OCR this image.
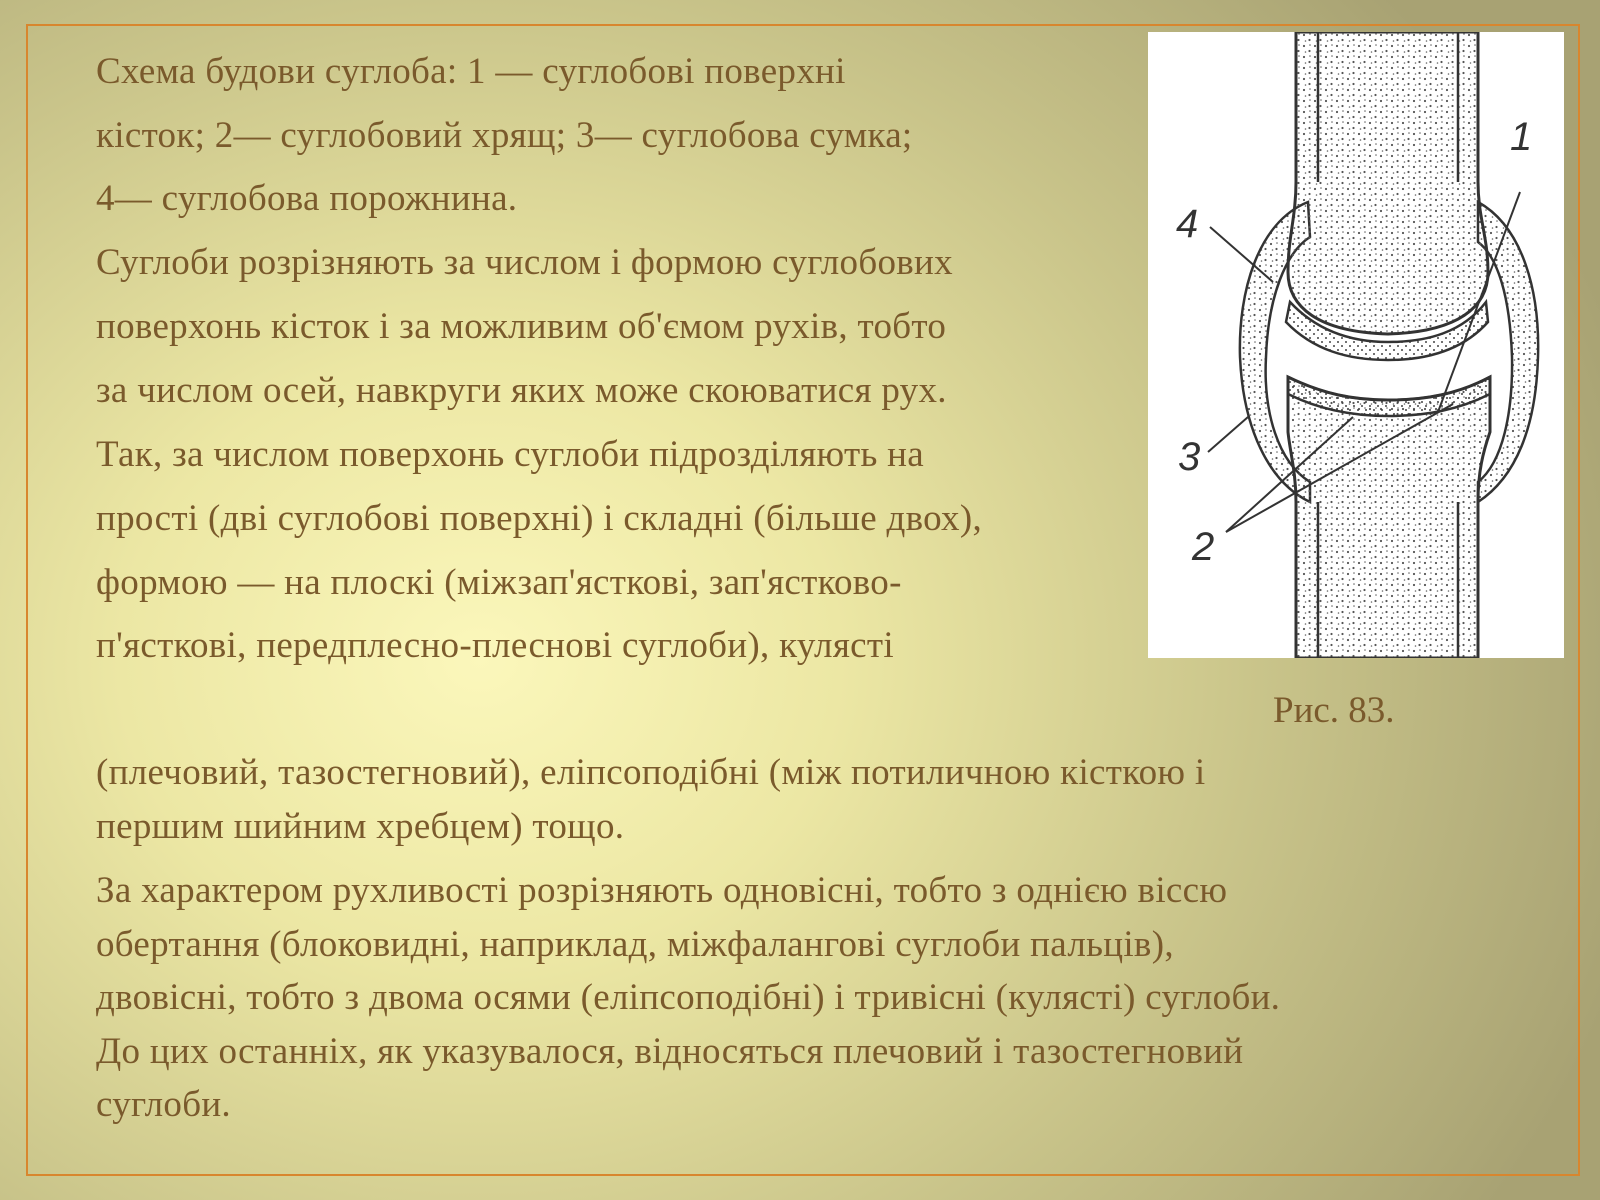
Схема будови суглоба: 1 — суглобові поверхні
кісток; 2— суглобовий хрящ; 3— суглобова сумка;
4— суглобова порожнина.
Суглоби розрізняють за числом і формою суглобових
поверхонь кісток і за можливим об'ємом рухів, тобто
за числом осей, навкруги яких може скоюватися рух.
Так, за числом поверхонь суглоби підрозділяють на
прості (дві суглобові поверхні) і складні (більше двох),
формою — на плоскі (міжзап'ясткові, зап'ястково-
п'ясткові, передплесно-плеснові суглоби), кулясті
Рис. 83.
(плечовий, тазостегновий), еліпсоподібні (між потиличною кісткою і
першим шийним хребцем) тощо.
За характером рухливості розрізняють одновісні, тобто з однією віссю
обертання (блоковидні, наприклад, міжфалангові суглоби пальців),
двовісні, тобто з двома осями (еліпсоподібні) і тривісні (кулясті) суглоби.
До цих останніх, як указувалося, відносяться плечовий і тазостегновий
суглоби.
1
4
3
2
